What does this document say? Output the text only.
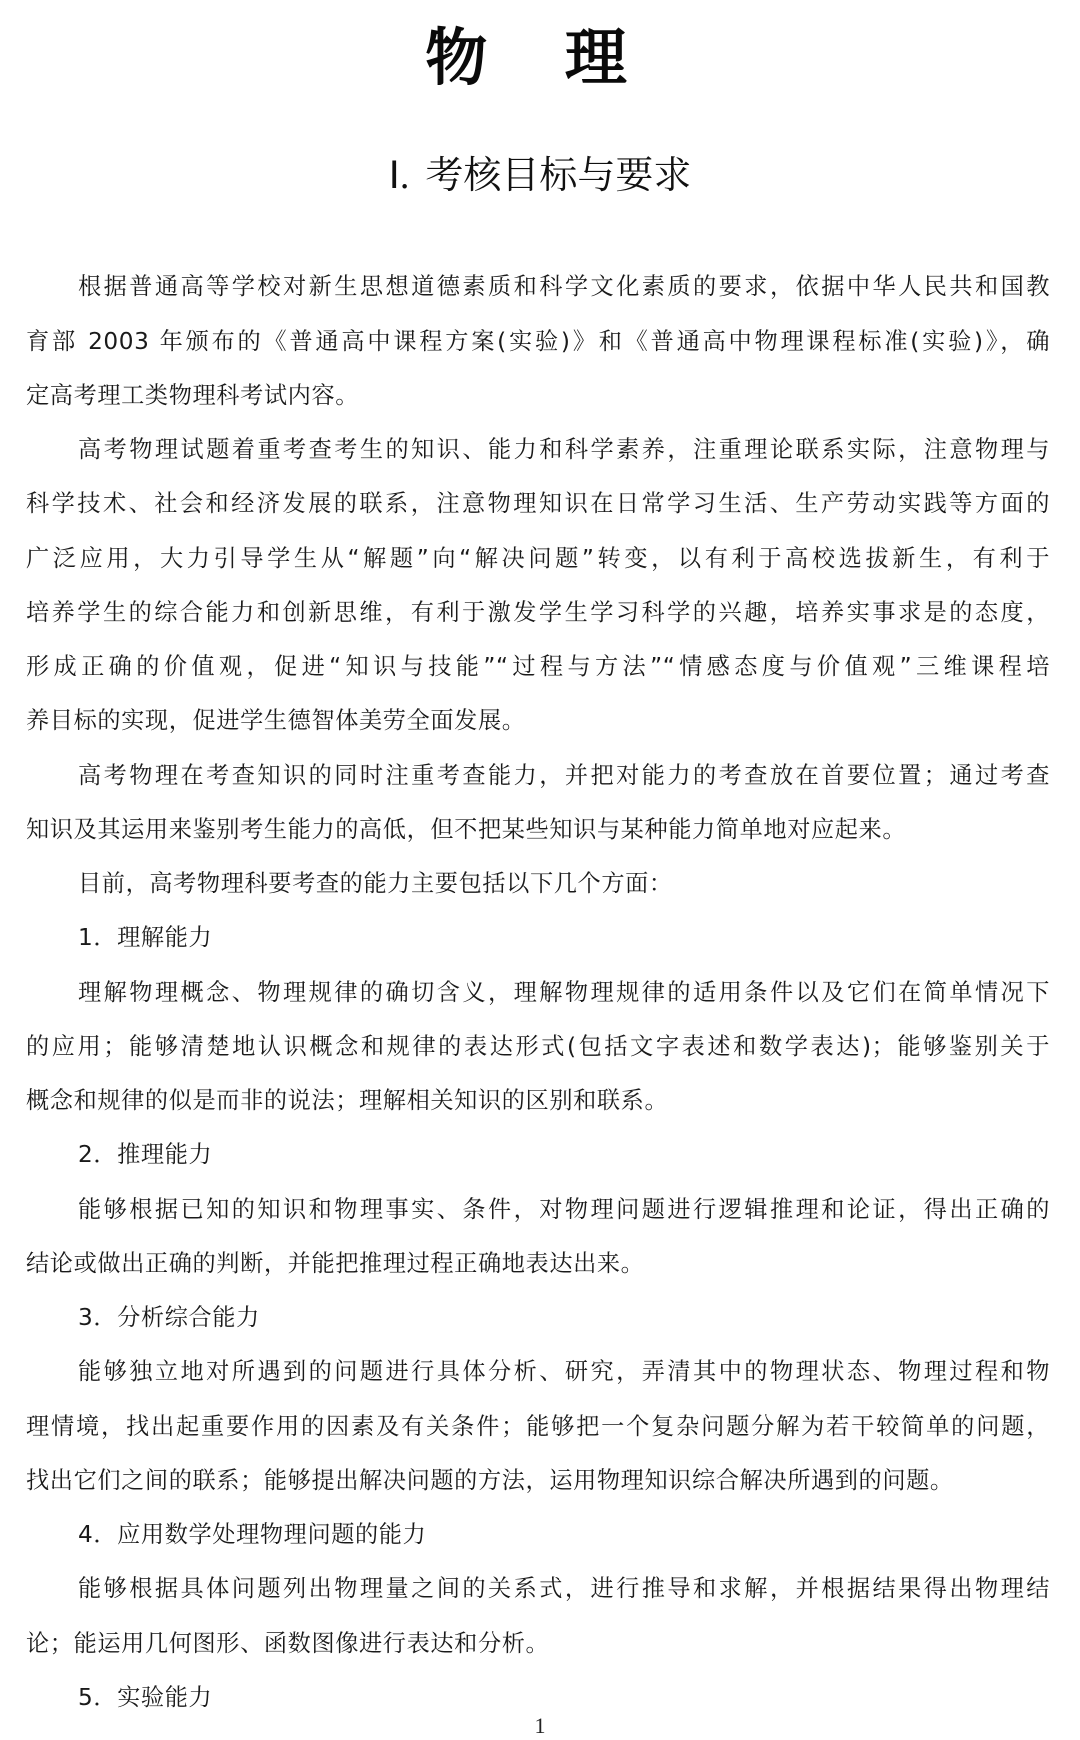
物 理
Ⅰ. 考核目标与要求
根据普通高等学校对新生思想道德素质和科学文化素质的要求，依据中华人民共和国教
育部 2003 年颁布的《普通高中课程方案(实验)》和《普通高中物理课程标准(实验)》，确
定高考理工类物理科考试内容。
高考物理试题着重考查考生的知识、能力和科学素养，注重理论联系实际，注意物理与
科学技术、社会和经济发展的联系，注意物理知识在日常学习生活、生产劳动实践等方面的
广泛应用，大力引导学生从“解题”向“解决问题”转变，以有利于高校选拔新生，有利于
培养学生的综合能力和创新思维，有利于激发学生学习科学的兴趣，培养实事求是的态度，
形成正确的价值观，促进“知识与技能”“过程与方法”“情感态度与价值观”三维课程培
养目标的实现，促进学生德智体美劳全面发展。
高考物理在考查知识的同时注重考查能力，并把对能力的考查放在首要位置；通过考查
知识及其运用来鉴别考生能力的高低，但不把某些知识与某种能力简单地对应起来。
目前，高考物理科要考查的能力主要包括以下几个方面：
1．理解能力
理解物理概念、物理规律的确切含义，理解物理规律的适用条件以及它们在简单情况下
的应用；能够清楚地认识概念和规律的表达形式(包括文字表述和数学表达)；能够鉴别关于
概念和规律的似是而非的说法；理解相关知识的区别和联系。
2．推理能力
能够根据已知的知识和物理事实、条件，对物理问题进行逻辑推理和论证，得出正确的
结论或做出正确的判断，并能把推理过程正确地表达出来。
3．分析综合能力
能够独立地对所遇到的问题进行具体分析、研究，弄清其中的物理状态、物理过程和物
理情境，找出起重要作用的因素及有关条件；能够把一个复杂问题分解为若干较简单的问题，
找出它们之间的联系；能够提出解决问题的方法，运用物理知识综合解决所遇到的问题。
4．应用数学处理物理问题的能力
能够根据具体问题列出物理量之间的关系式，进行推导和求解，并根据结果得出物理结
论；能运用几何图形、函数图像进行表达和分析。
5．实验能力
1
